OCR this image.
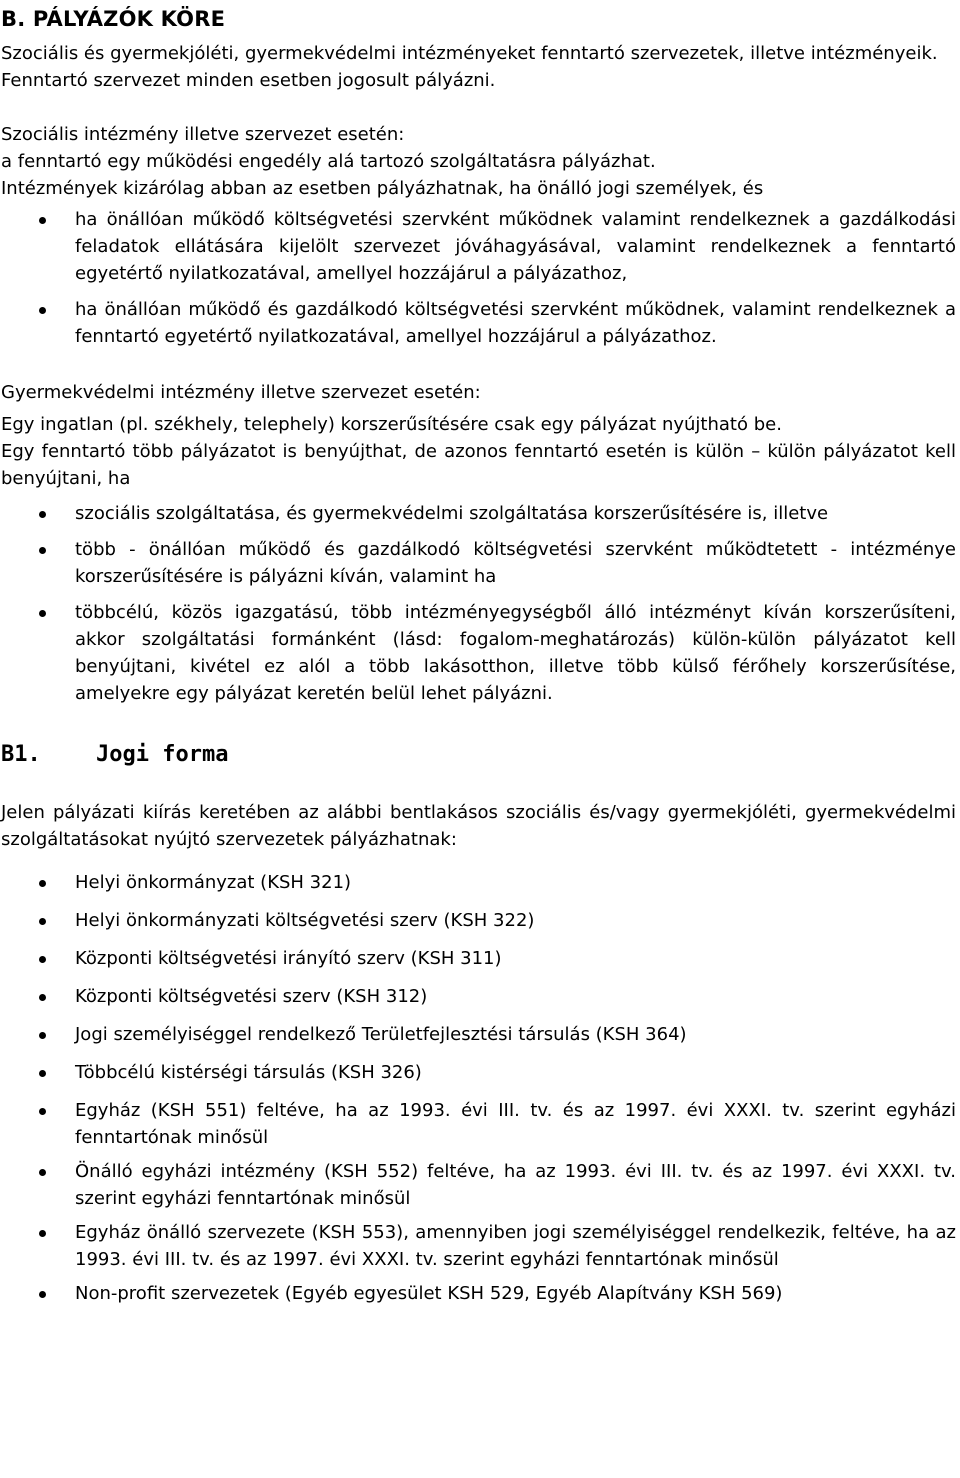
B. PÁLYÁZÓK KÖRE
Szociális és gyermekjóléti, gyermekvédelmi intézményeket fenntartó szervezetek, illetve intézményeik.
Fenntartó szervezet minden esetben jogosult pályázni.
Szociális intézmény illetve szervezet esetén:
a fenntartó egy működési engedély alá tartozó szolgáltatásra pályázhat.
Intézmények kizárólag abban az esetben pályázhatnak, ha önálló jogi személyek, és
ha önállóan működő költségvetési szervként működnek valamint rendelkeznek a gazdálkodási feladatok ellátására kijelölt szervezet jóváhagyásával, valamint rendelkeznek a fenntartó egyetértő nyilatkozatával, amellyel hozzájárul a pályázathoz,
ha önállóan működő és gazdálkodó költségvetési szervként működnek, valamint rendelkeznek a fenntartó egyetértő nyilatkozatával, amellyel hozzájárul a pályázathoz.
Gyermekvédelmi intézmény illetve szervezet esetén:
Egy ingatlan (pl. székhely, telephely) korszerűsítésére csak egy pályázat nyújtható be.
Egy fenntartó több pályázatot is benyújthat, de azonos fenntartó esetén is külön – külön pályázatot kell benyújtani, ha
szociális szolgáltatása, és gyermekvédelmi szolgáltatása korszerűsítésére is, illetve
több - önállóan működő és gazdálkodó költségvetési szervként működtetett - intézménye korszerűsítésére is pályázni kíván, valamint ha
többcélú, közös igazgatású, több intézményegységből álló intézményt kíván korszerűsíteni, akkor szolgáltatási formánként (lásd: fogalom-meghatározás) külön-külön pályázatot kell benyújtani, kivétel ez alól a több lakásotthon, illetve több külső férőhely korszerűsítése, amelyekre egy pályázat keretén belül lehet pályázni.
B1.	Jogi forma
Jelen pályázati kiírás keretében az alábbi bentlakásos szociális és/vagy gyermekjóléti, gyermekvédelmi szolgáltatásokat nyújtó szervezetek pályázhatnak:
Helyi önkormányzat (KSH 321)
Helyi önkormányzati költségvetési szerv (KSH 322)
Központi költségvetési irányító szerv (KSH 311)
Központi költségvetési szerv (KSH 312)
Jogi személyiséggel rendelkező Területfejlesztési társulás (KSH 364)
Többcélú kistérségi társulás (KSH 326)
Egyház (KSH 551) feltéve, ha az 1993. évi III. tv. és az 1997. évi XXXI. tv. szerint egyházi fenntartónak minősül
Önálló egyházi intézmény (KSH 552) feltéve, ha az 1993. évi III. tv. és az 1997. évi XXXI. tv. szerint egyházi fenntartónak minősül
Egyház önálló szervezete (KSH 553), amennyiben jogi személyiséggel rendelkezik, feltéve, ha az 1993. évi III. tv. és az 1997. évi XXXI. tv. szerint egyházi fenntartónak minősül
Non-profit szervezetek (Egyéb egyesület KSH 529, Egyéb Alapítvány KSH 569)
